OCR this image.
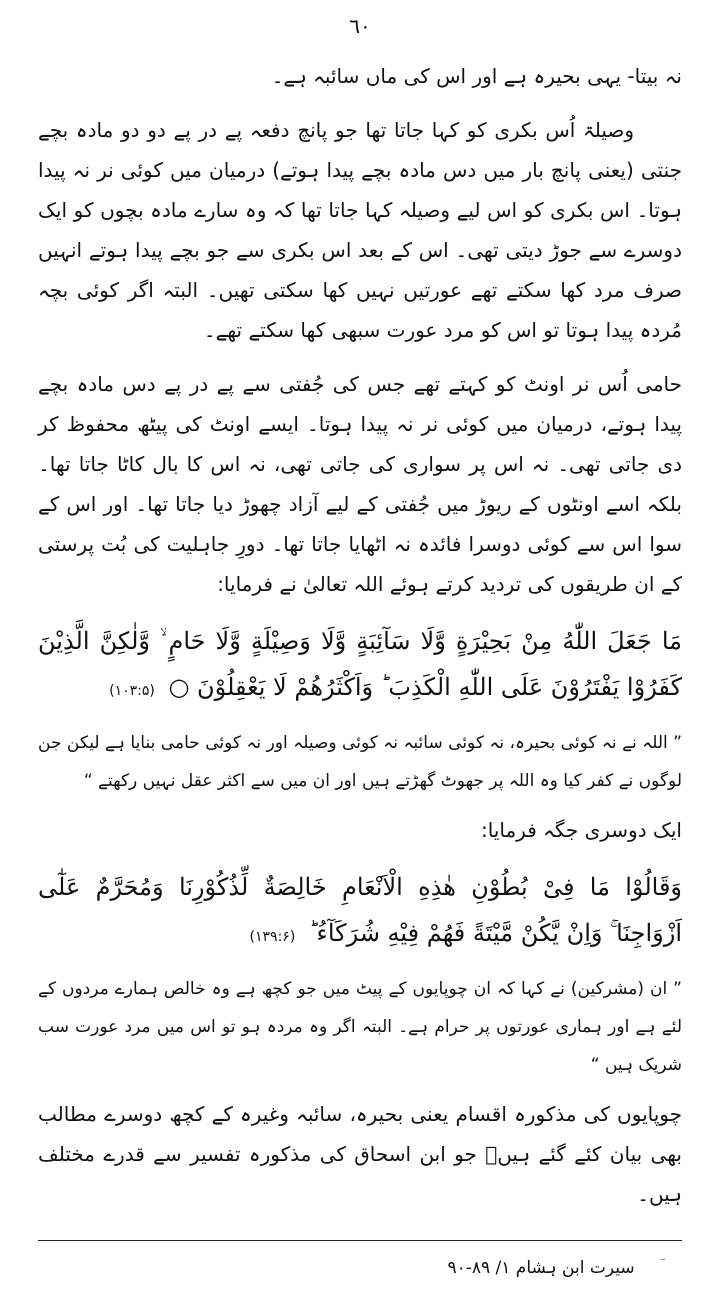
٦٠

نہ بیتا- یہی بحیرہ ہے اور اس کی ماں سائبہ ہے۔

وصیلۃ اُس بکری کو کہا جاتا تھا جو پانچ دفعہ پے در پے دو دو مادہ بچے جنتی (یعنی پانچ بار میں دس مادہ بچے پیدا ہوتے) درمیان میں کوئی نر نہ پیدا ہوتا۔ اس بکری کو اس لیے وصیلہ کہا جاتا تھا کہ وہ سارے مادہ بچوں کو ایک دوسرے سے جوڑ دیتی تھی۔ اس کے بعد اس بکری سے جو بچے پیدا ہوتے انہیں صرف مرد کھا سکتے تھے عورتیں نہیں کھا سکتی تھیں۔ البتہ اگر کوئی بچہ مُردہ پیدا ہوتا تو اس کو مرد عورت سبھی کھا سکتے تھے۔

حامی اُس نر اونٹ کو کہتے تھے جس کی جُفتی سے پے در پے دس مادہ بچے پیدا ہوتے، درمیان میں کوئی نر نہ پیدا ہوتا۔ ایسے اونٹ کی پیٹھ محفوظ کر دی جاتی تھی۔ نہ اس پر سواری کی جاتی تھی، نہ اس کا بال کاٹا جاتا تھا۔ بلکہ اسے اونٹوں کے ریوڑ میں جُفتی کے لیے آزاد چھوڑ دیا جاتا تھا۔ اور اس کے سوا اس سے کوئی دوسرا فائدہ نہ اٹھایا جاتا تھا۔ دورِ جاہلیت کی بُت پرستی کے ان طریقوں کی تردید کرتے ہوئے اللہ تعالیٰ نے فرمایا:

مَا جَعَلَ اللّٰهُ مِنْ بَحِيْرَةٍ وَّلَا سَآئِبَةٍ وَّلَا وَصِيْلَةٍ وَّلَا حَامٍ ۙ وَّلٰكِنَّ الَّذِيْنَ كَفَرُوْا يَفْتَرُوْنَ عَلَى اللّٰهِ الْكَذِبَ ؕ وَاَكْثَرُهُمْ لَا يَعْقِلُوْنَ ○ (۱۰۳:۵)

” اللہ نے نہ کوئی بحیرہ، نہ کوئی سائبہ نہ کوئی وصیلہ اور نہ کوئی حامی بنایا ہے لیکن جن لوگوں نے کفر کیا وہ اللہ پر جھوٹ گھڑتے ہیں اور ان میں سے اکثر عقل نہیں رکھتے “

ایک دوسری جگہ فرمایا:

وَقَالُوْا مَا فِىْ بُطُوْنِ هٰذِهِ الْاَنْعَامِ خَالِصَةٌ لِّذُكُوْرِنَا وَمُحَرَّمٌ عَلٰٓى اَزْوَاجِنَا ۚ وَاِنْ يَّكُنْ مَّيْتَةً فَهُمْ فِيْهِ شُرَكَآءُ ؕ (۱۳۹:۶)

” ان (مشرکین) نے کہا کہ ان چوپایوں کے پیٹ میں جو کچھ ہے وہ خالص ہمارے مردوں کے لئے ہے اور ہماری عورتوں پر حرام ہے۔ البتہ اگر وہ مردہ ہو تو اس میں مرد عورت سب شریک ہیں “

چوپایوں کی مذکورہ اقسام یعنی بحیرہ، سائبہ وغیرہ کے کچھ دوسرے مطالب بھی بیان کئے گئے ہیںؔ جو ابن اسحاق کی مذکورہ تفسیر سے قدرے مختلف ہیں۔

سیرت ابن ہشام ۱/ ۸۹-۹۰
